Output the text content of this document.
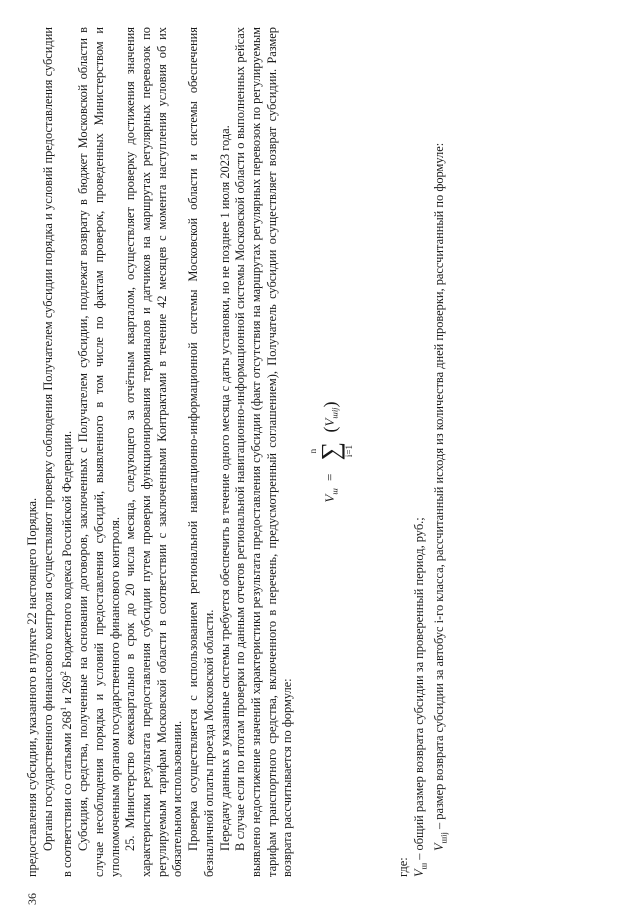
36

предоставления субсидии, указанного в пункте 22 настоящего Порядка. Органы государственного финансового контроля осуществляют проверку соблюдения Получателем субсидии порядка и условий предоставления субсидии в соответствии со статьями $268^1$ и $269^2$ Бюджетного кодекса Российской Федерации. Субсидия, средства, полученные на основании договоров, заключенных с Получателем субсидии, подлежат возврату в бюджет Московской области в случае несоблюдения порядка и условий предоставления субсидий, выявленного в том числе по фактам проверок, проведенных Министерством и уполномоченным органом государственного финансового контроля. 25. Министерство ежеквартально в срок до 20 числа месяца, следующего за отчётным кварталом, осуществляет проверку достижения значения характеристики результата предоставления субсидии путем проверки функционирования терминалов и датчиков на маршрутах регулярных перевозок по регулируемым тарифам Московской области в соответствии с заключенными Контрактами в течение 42 месяцев с момента наступления условия об их обязательном использовании. Проверка осуществляется с использованием региональной навигационно-информационной системы Московской области и системы обеспечения безналичной оплаты проезда Московской области. Передачу данных в указанные системы требуется обеспечить в течение одного месяца с даты установки, но не позднее 1 июля 2023 года. В случае если по итогам проверки по данным отчетов региональной навигационно-информационной системы Московской области о выполненных рейсах выявлено недостижение значений характеристики результата предоставления субсидии (факт отсутствия на маршрутах регулярных перевозок по регулируемым тарифам транспортного средства, включенного в перечень, предусмотренный соглашением), Получатель субсидии осуществляет возврат субсидии. Размер возврата рассчитывается по формуле:

$V_ш$ =
n
∑ i=1
$(V_{шij})$

где: $V_ш$ – общий размер возврата субсидии за проверенный период, руб.; $V_{шij}$ – размер возврата субсидии за автобус i-го класса, рассчитанный исходя из количества дней проверки, рассчитанный по формуле:
